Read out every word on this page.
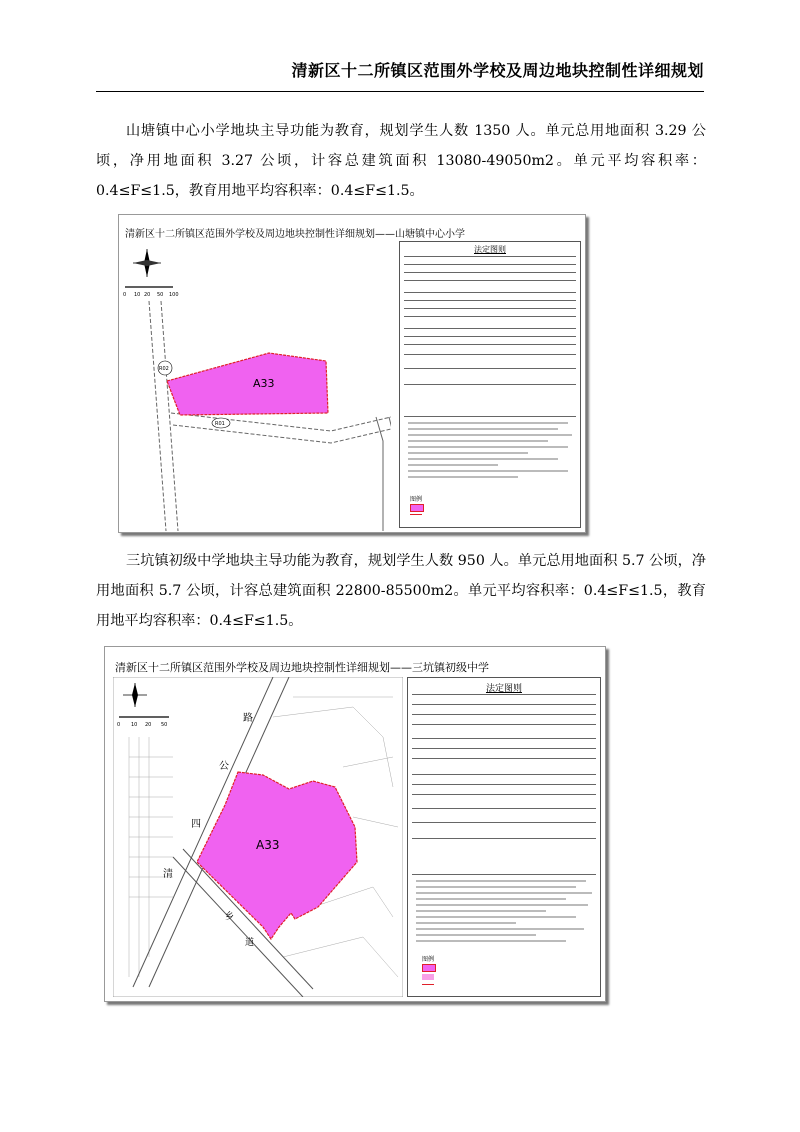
清新区十二所镇区范围外学校及周边地块控制性详细规划
山塘镇中心小学地块主导功能为教育，规划学生人数 1350 人。单元总用地面积 3.29 公顷，净用地面积 3.27 公顷，计容总建筑面积 13080-49050m2。单元平均容积率：0.4≤F≤1.5，教育用地平均容积率：0.4≤F≤1.5。
清新区十二所镇区范围外学校及周边地块控制性详细规划——山塘镇中心小学
0 10 20 50 100
A33
R02
R01
法定图则
图例
三坑镇初级中学地块主导功能为教育，规划学生人数 950 人。单元总用地面积 5.7 公顷，净用地面积 5.7 公顷，计容总建筑面积 22800-85500m2。单元平均容积率：0.4≤F≤1.5，教育用地平均容积率：0.4≤F≤1.5。
清新区十二所镇区范围外学校及周边地块控制性详细规划——三坑镇初级中学
0 10 20 50
清
四
公
路
乡
道
A33
法定图则
图例
